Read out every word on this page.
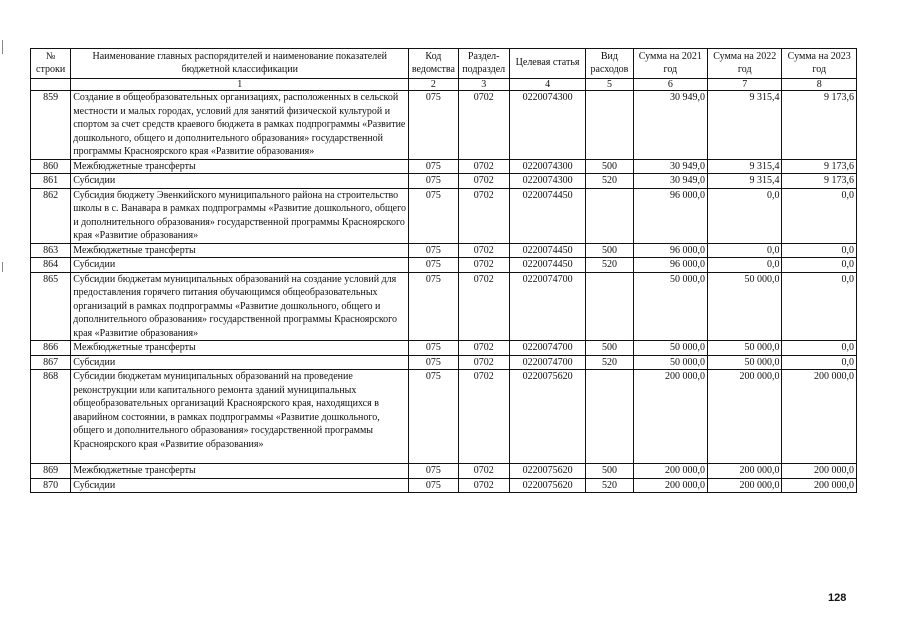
№ строки	Наименование главных распорядителей и наименование показателей бюджетной классификации	Код ведомства	Раздел-подраздел	Целевая статья	Вид расходов	Сумма на 2021 год	Сумма на 2022 год	Сумма на 2023 год
	1	2	3	4	5	6	7	8
859	Создание в общеобразовательных организациях, расположенных в сельской местности и малых городах, условий для занятий физической культурой и спортом за счет средств краевого бюджета в рамках подпрограммы «Развитие дошкольного, общего и дополнительного образования» государственной программы Красноярского края «Развитие образования»	075	0702	0220074300		30 949,0	9 315,4	9 173,6
860	Межбюджетные трансферты	075	0702	0220074300	500	30 949,0	9 315,4	9 173,6
861	Субсидии	075	0702	0220074300	520	30 949,0	9 315,4	9 173,6
862	Субсидия бюджету Эвенкийского муниципального района на строительство школы в с. Ванавара в рамках подпрограммы «Развитие дошкольного, общего и дополнительного образования» государственной программы Красноярского края «Развитие образования»	075	0702	0220074450		96 000,0	0,0	0,0
863	Межбюджетные трансферты	075	0702	0220074450	500	96 000,0	0,0	0,0
864	Субсидии	075	0702	0220074450	520	96 000,0	0,0	0,0
865	Субсидии бюджетам муниципальных образований на создание условий для предоставления горячего питания обучающимся общеобразовательных организаций в рамках подпрограммы «Развитие дошкольного, общего и дополнительного образования» государственной программы Красноярского края «Развитие образования»	075	0702	0220074700		50 000,0	50 000,0	0,0
866	Межбюджетные трансферты	075	0702	0220074700	500	50 000,0	50 000,0	0,0
867	Субсидии	075	0702	0220074700	520	50 000,0	50 000,0	0,0
868	Субсидии бюджетам муниципальных образований на проведение реконструкции или капитального ремонта зданий муниципальных общеобразовательных организаций Красноярского края, находящихся в аварийном состоянии, в рамках подпрограммы «Развитие дошкольного, общего и дополнительного образования» государственной программы Красноярского края «Развитие образования»	075	0702	0220075620		200 000,0	200 000,0	200 000,0
869	Межбюджетные трансферты	075	0702	0220075620	500	200 000,0	200 000,0	200 000,0
870	Субсидии	075	0702	0220075620	520	200 000,0	200 000,0	200 000,0
128
